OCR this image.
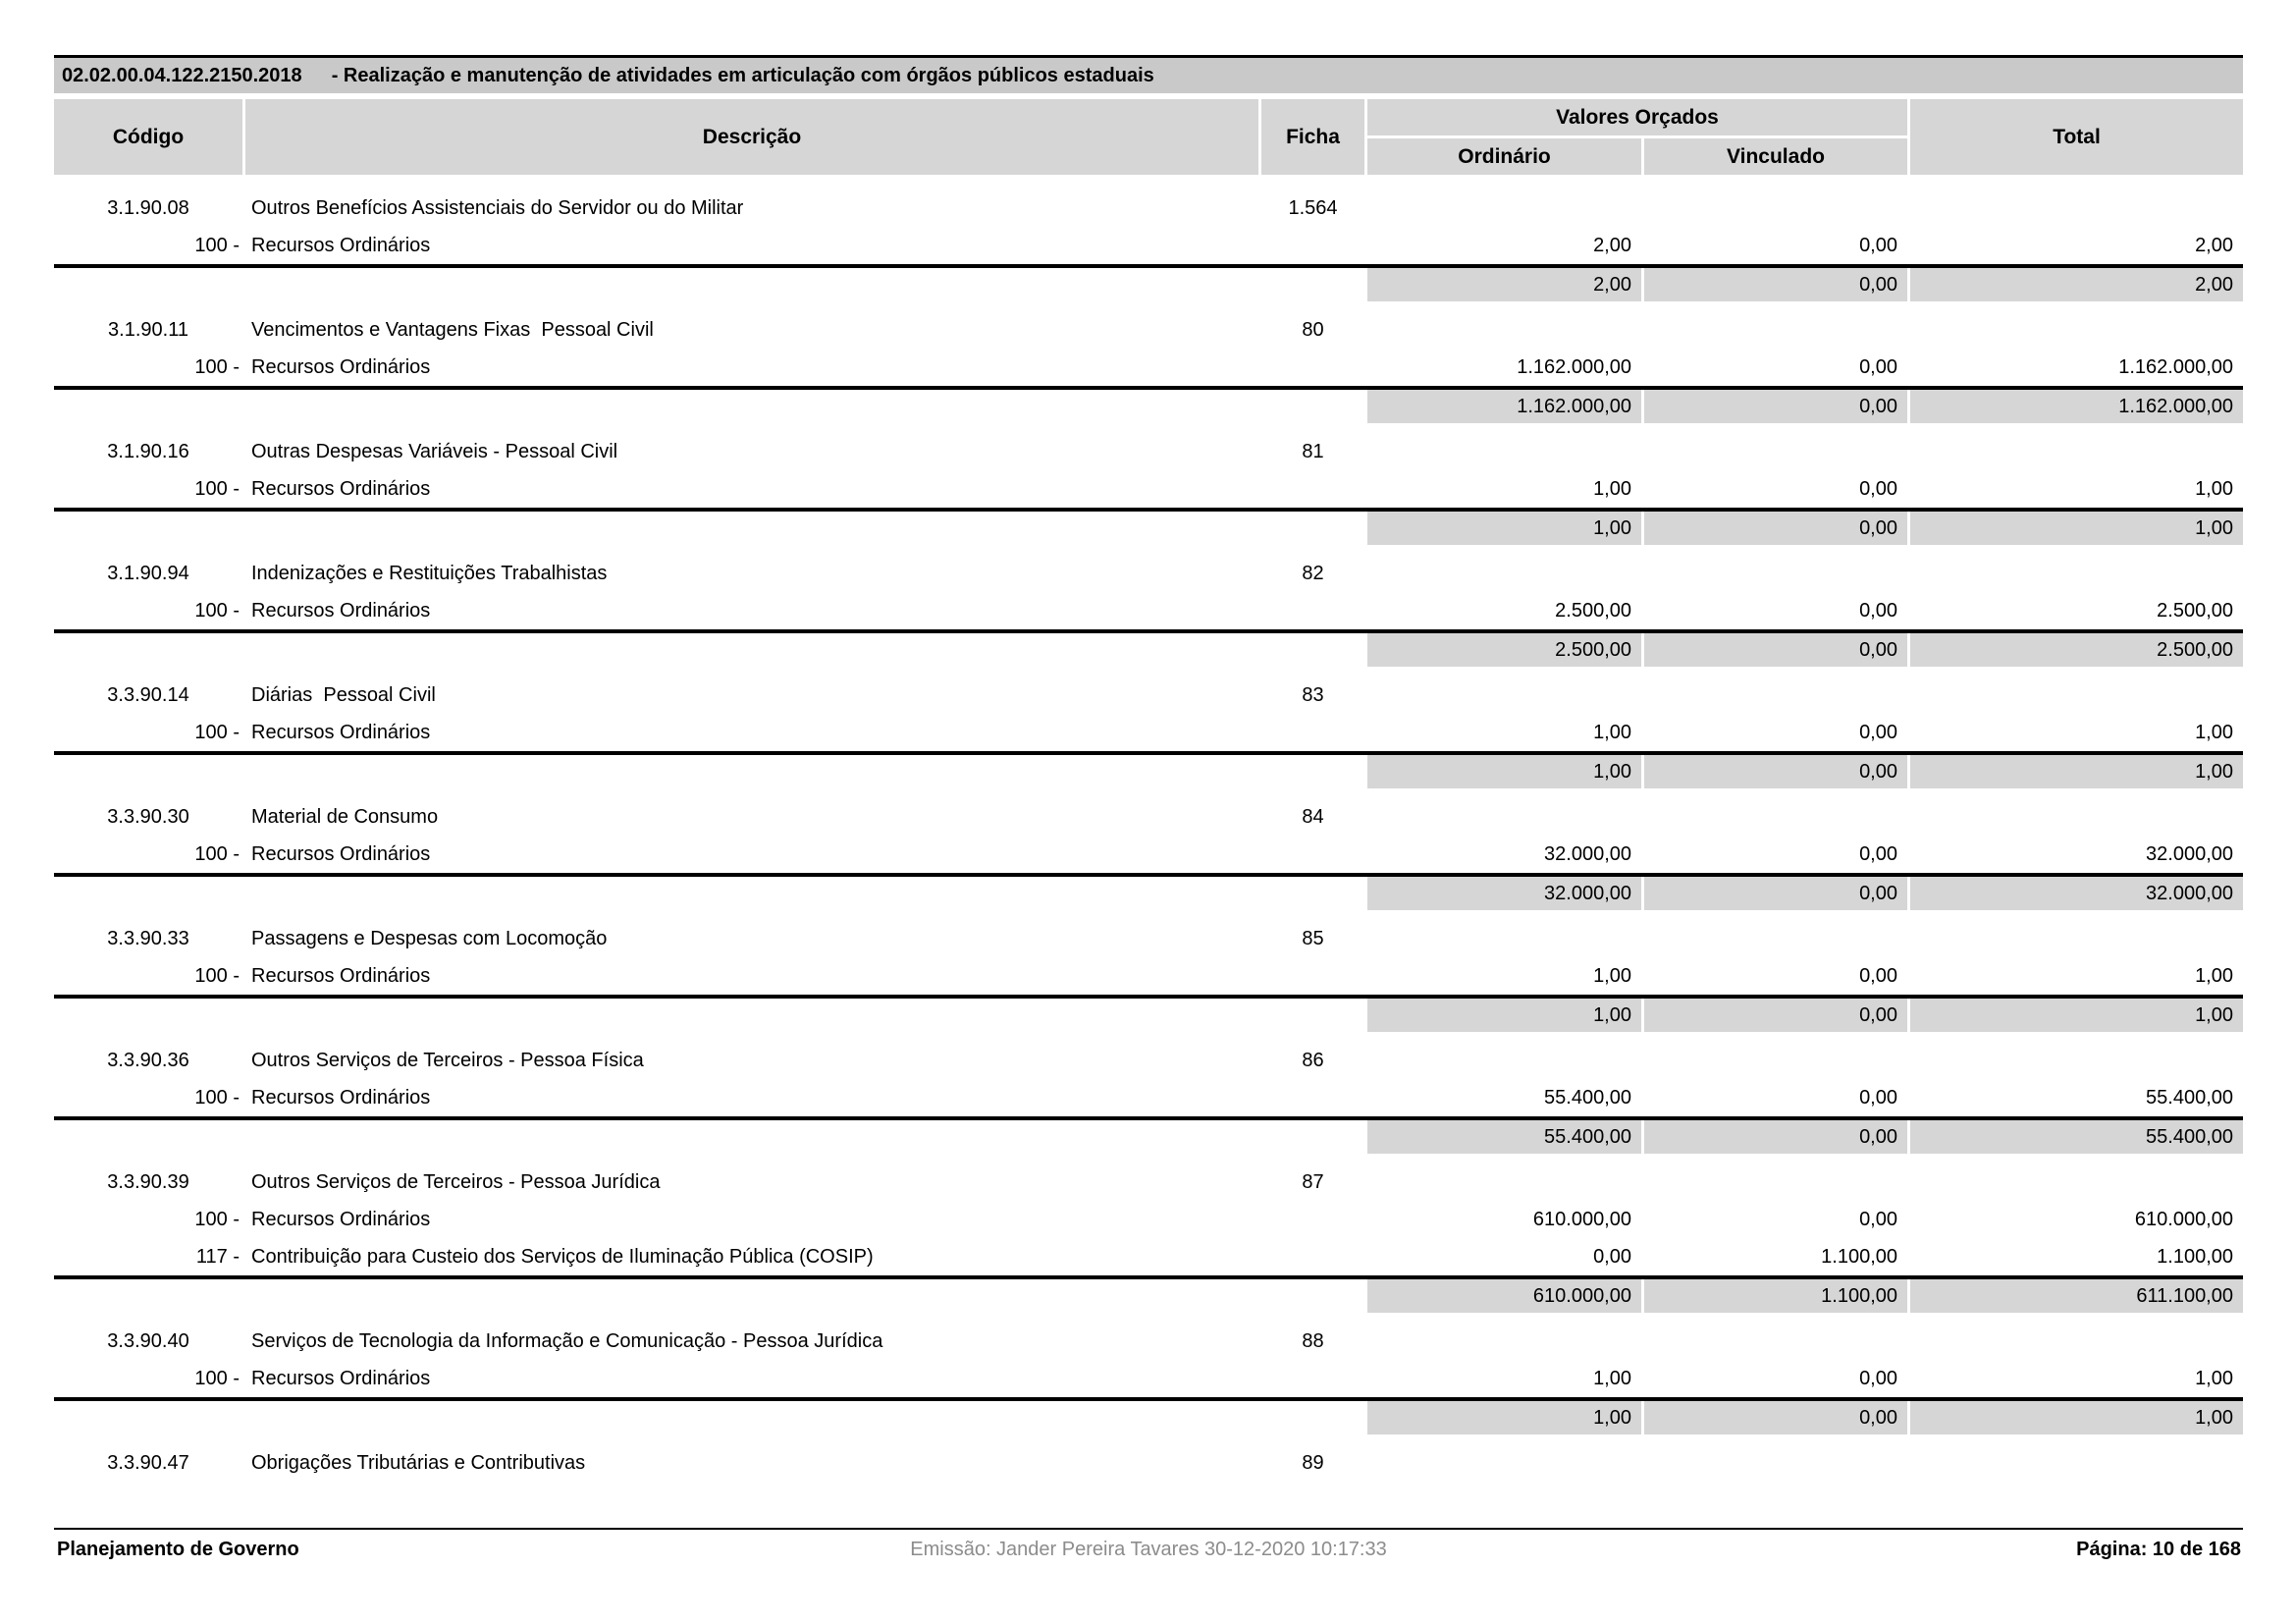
02.02.00.04.122.2150.2018 - Realização e manutenção de atividades em articulação com órgãos públicos estaduais
Código	Descrição	Ficha
Valores Orçados
Ordinário	Vinculado
Total
3.1.90.08	Outros Benefícios Assistenciais do Servidor ou do Militar	1.564
100 - Recursos Ordinários	2,00	0,00	2,00
2,00	0,00	2,00
3.1.90.11	Vencimentos e Vantagens Fixas  Pessoal Civil	80
100 - Recursos Ordinários	1.162.000,00	0,00	1.162.000,00
1.162.000,00	0,00	1.162.000,00
3.1.90.16	Outras Despesas Variáveis - Pessoal Civil	81
100 - Recursos Ordinários	1,00	0,00	1,00
1,00	0,00	1,00
3.1.90.94	Indenizações e Restituições Trabalhistas	82
100 - Recursos Ordinários	2.500,00	0,00	2.500,00
2.500,00	0,00	2.500,00
3.3.90.14	Diárias  Pessoal Civil	83
100 - Recursos Ordinários	1,00	0,00	1,00
1,00	0,00	1,00
3.3.90.30	Material de Consumo	84
100 - Recursos Ordinários	32.000,00	0,00	32.000,00
32.000,00	0,00	32.000,00
3.3.90.33	Passagens e Despesas com Locomoção	85
100 - Recursos Ordinários	1,00	0,00	1,00
1,00	0,00	1,00
3.3.90.36	Outros Serviços de Terceiros - Pessoa Física	86
100 - Recursos Ordinários	55.400,00	0,00	55.400,00
55.400,00	0,00	55.400,00
3.3.90.39	Outros Serviços de Terceiros - Pessoa Jurídica	87
100 - Recursos Ordinários	610.000,00	0,00	610.000,00
117 - Contribuição para Custeio dos Serviços de Iluminação Pública (COSIP)	0,00	1.100,00	1.100,00
610.000,00	1.100,00	611.100,00
3.3.90.40	Serviços de Tecnologia da Informação e Comunicação - Pessoa Jurídica	88
100 - Recursos Ordinários	1,00	0,00	1,00
1,00	0,00	1,00
3.3.90.47	Obrigações Tributárias e Contributivas	89
Planejamento de Governo	Emissão: Jander Pereira Tavares 30-12-2020 10:17:33	Página: 10 de 168
